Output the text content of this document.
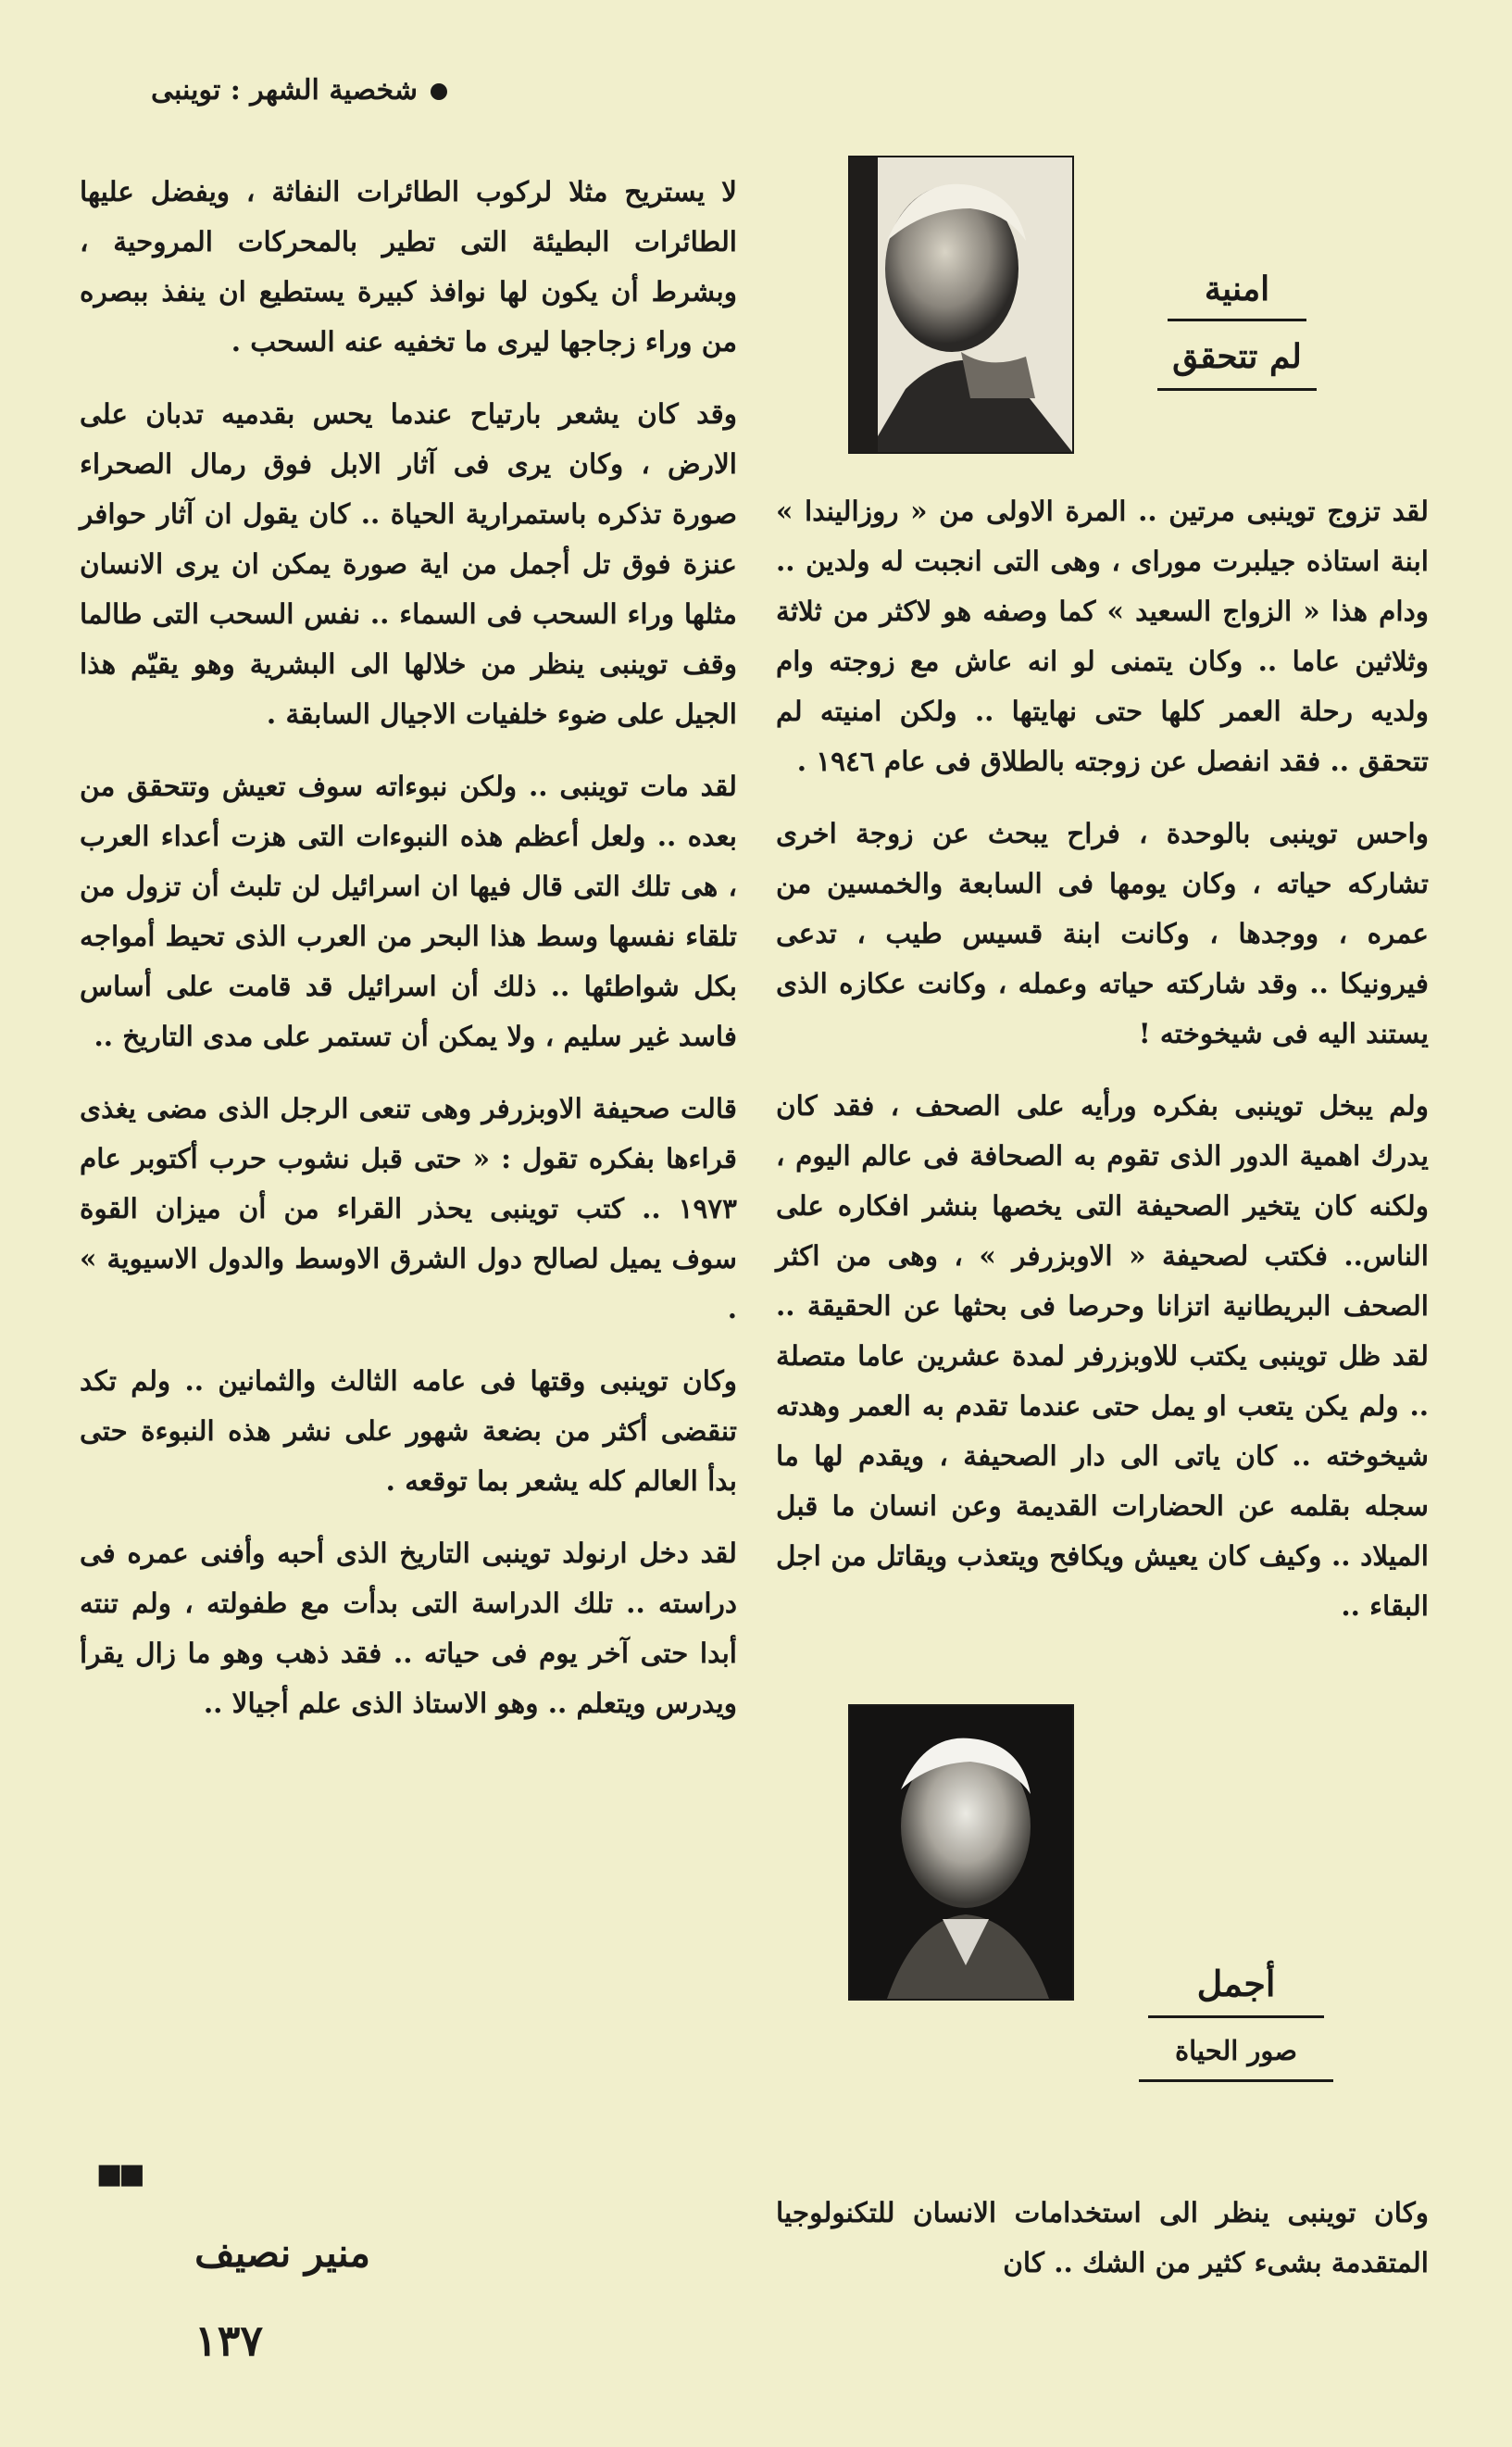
شخصية الشهر : توينبى

لا يستريح مثلا لركوب الطائرات النفاثة ، ويفضل عليها الطائرات البطيئة التى تطير بالمحركات المروحية ، وبشرط أن يكون لها نوافذ كبيرة يستطيع ان ينفذ ببصره من وراء زجاجها ليرى ما تخفيه عنه السحب .

وقد كان يشعر بارتياح عندما يحس بقدميه تدبان على الارض ، وكان يرى فى آثار الابل فوق رمال الصحراء صورة تذكره باستمرارية الحياة .. كان يقول ان آثار حوافر عنزة فوق تل أجمل من اية صورة يمكن ان يرى الانسان مثلها وراء السحب فى السماء .. نفس السحب التى طالما وقف توينبى ينظر من خلالها الى البشرية وهو يقيّم هذا الجيل على ضوء خلفيات الاجيال السابقة .

لقد مات توينبى .. ولكن نبوءاته سوف تعيش وتتحقق من بعده .. ولعل أعظم هذه النبوءات التى هزت أعداء العرب ، هى تلك التى قال فيها ان اسرائيل لن تلبث أن تزول من تلقاء نفسها وسط هذا البحر من العرب الذى تحيط أمواجه بكل شواطئها .. ذلك أن اسرائيل قد قامت على أساس فاسد غير سليم ، ولا يمكن أن تستمر على مدى التاريخ ..

قالت صحيفة الاوبزرفر وهى تنعى الرجل الذى مضى يغذى قراءها بفكره تقول : « حتى قبل نشوب حرب أكتوبر عام ١٩٧٣ .. كتب توينبى يحذر القراء من أن ميزان القوة سوف يميل لصالح دول الشرق الاوسط والدول الاسيوية » .

وكان توينبى وقتها فى عامه الثالث والثمانين .. ولم تكد تنقضى أكثر من بضعة شهور على نشر هذه النبوءة حتى بدأ العالم كله يشعر بما توقعه .

لقد دخل ارنولد توينبى التاريخ الذى أحبه وأفنى عمره فى دراسته .. تلك الدراسة التى بدأت مع طفولته ، ولم تنته أبدا حتى آخر يوم فى حياته .. فقد ذهب وهو ما زال يقرأ ويدرس ويتعلم .. وهو الاستاذ الذى علم أجيالا ..

امنية
لم تتحقق

لقد تزوج توينبى مرتين .. المرة الاولى من « روزاليندا » ابنة استاذه جيلبرت موراى ، وهى التى انجبت له ولدين .. ودام هذا « الزواج السعيد » كما وصفه هو لاكثر من ثلاثة وثلاثين عاما .. وكان يتمنى لو انه عاش مع زوجته وام ولديه رحلة العمر كلها حتى نهايتها .. ولكن امنيته لم تتحقق .. فقد انفصل عن زوجته بالطلاق فى عام ١٩٤٦ .

واحس توينبى بالوحدة ، فراح يبحث عن زوجة اخرى تشاركه حياته ، وكان يومها فى السابعة والخمسين من عمره ، ووجدها ، وكانت ابنة قسيس طيب ، تدعى فيرونيكا .. وقد شاركته حياته وعمله ، وكانت عكازه الذى يستند اليه فى شيخوخته !

ولم يبخل توينبى بفكره ورأيه على الصحف ، فقد كان يدرك اهمية الدور الذى تقوم به الصحافة فى عالم اليوم ، ولكنه كان يتخير الصحيفة التى يخصها بنشر افكاره على الناس.. فكتب لصحيفة « الاوبزرفر » ، وهى من اكثر الصحف البريطانية اتزانا وحرصا فى بحثها عن الحقيقة .. لقد ظل توينبى يكتب للاوبزرفر لمدة عشرين عاما متصلة .. ولم يكن يتعب او يمل حتى عندما تقدم به العمر وهدته شيخوخته .. كان ياتى الى دار الصحيفة ، ويقدم لها ما سجله بقلمه عن الحضارات القديمة وعن انسان ما قبل الميلاد .. وكيف كان يعيش ويكافح ويتعذب ويقاتل من اجل البقاء ..

أجمل
صور الحياة

وكان توينبى ينظر الى استخدامات الانسان للتكنولوجيا المتقدمة بشىء كثير من الشك .. كان

■■
منير نصيف
١٣٧
